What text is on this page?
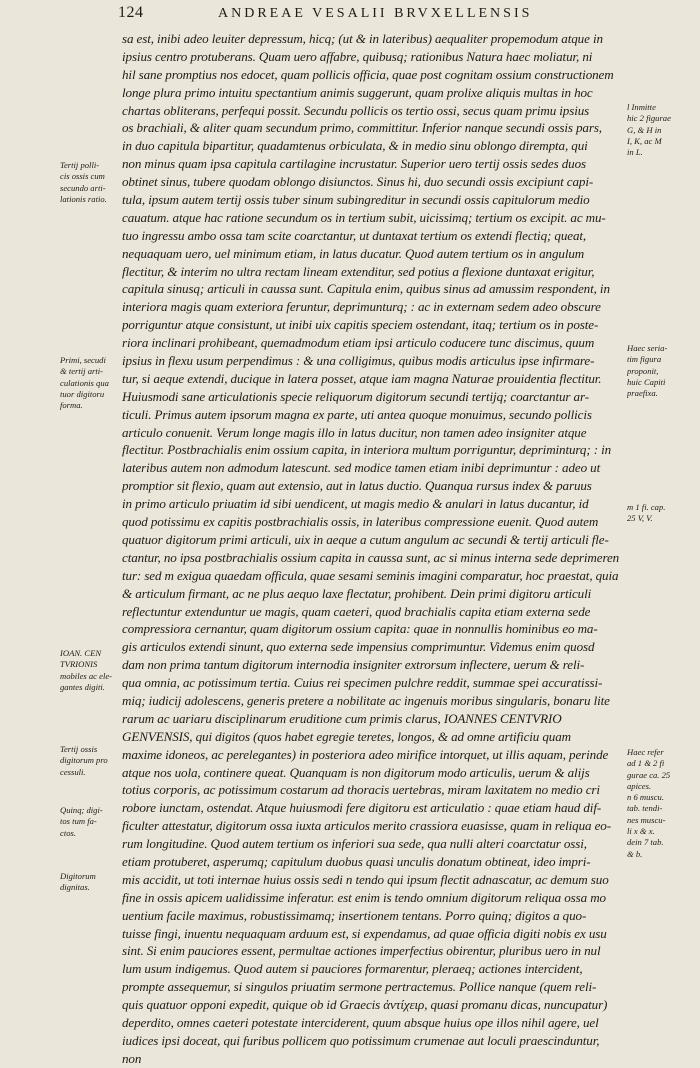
124	ANDREAE VESALII BRVXELLENSIS
sa est, inibi adeo leuiter depressum, hicq; (ut & in lateribus) aequaliter propemodum atque in
ipsius centro protuberans. Quam uero affabre, quibusq; rationibus Natura haec moliatur, ni
hil sane promptius nos edocet, quam pollicis officia, quae post cognitam ossium constructionem
longe plura primo intuitu spectantium animis suggerunt, quam prolixe aliquis multas in hoc
chartas obliterans, perfequi possit. Secundu pollicis os tertio ossi, secus quam primu ipsius
os brachiali, & aliter quam secundum primo, committitur. Inferior nanque secundi ossis pars,
in duo capitula bipartitur, quadamtenus orbiculata, & in medio sinu oblongo dirempta, qui
non minus quam ipsa capitula cartilagine incrustatur. Superior uero tertij ossis sedes duos
obtinet sinus, tubere quodam oblongo disiunctos. Sinus hi, duo secundi ossis excipiunt capi-
tula, ipsum autem tertij ossis tuber sinum subingreditur in secundi ossis capitulorum medio
cauatum. atque hac ratione secundum os in tertium subit, uicissimq; tertium os excipit. ac mu-
tuo ingressu ambo ossa tam scite coarctantur, ut duntaxat tertium os extendi flectiq; queat,
nequaquam uero, uel minimum etiam, in latus ducatur. Quod autem tertium os in angulum
flectitur, & interim no ultra rectam lineam extenditur, sed potius a flexione duntaxat erigitur,
capitula sinusq; articuli in caussa sunt. Capitula enim, quibus sinus ad amussim respondent, in
interiora magis quam exteriora feruntur, deprimunturq; : ac in externam sedem adeo obscure
porriguntur atque consistunt, ut inibi uix capitis speciem ostendant, itaq; tertium os in poste-
riora inclinari prohibeant, quemadmodum etiam ipsi articulo coducere tunc discimus, quum
ipsius in flexu usum perpendimus : & una colligimus, quibus modis articulus ipse infirmare-
tur, si aeque extendi, ducique in latera posset, atque iam magna Naturae prouidentia flectitur.
Huiusmodi sane articulationis specie reliquorum digitorum secundi tertijq; coarctantur ar-
ticuli. Primus autem ipsorum magna ex parte, uti antea quoque monuimus, secundo pollicis
articulo conuenit. Verum longe magis illo in latus ducitur, non tamen adeo insigniter atque
flectitur. Postbrachialis enim ossium capita, in interiora multum porriguntur, depriminturq; : in
lateribus autem non admodum latescunt. sed modice tamen etiam inibi deprimuntur : adeo ut
promptior sit flexio, quam aut extensio, aut in latus ductio. Quanqua rursus index & paruus
in primo articulo priuatim id sibi uendicent, ut magis medio & anulari in latus ducantur, id
quod potissimu ex capitis postbrachialis ossis, in lateribus compressione euenit. Quod autem
quatuor digitorum primi articuli, uix in aeque a cutum angulum ac secundi & tertij articuli fle-
ctantur, no ipsa postbrachialis ossium capita in caussa sunt, ac si minus interna sede deprimeren
tur: sed m exigua quaedam officula, quae sesami seminis imagini comparatur, hoc praestat, quia
& articulum firmant, ac ne plus aequo laxe flectatur, prohibent. Dein primi digitoru articuli
reflectuntur extenduntur ue magis, quam caeteri, quod brachialis capita etiam externa sede
compressiora cernantur, quam digitorum ossium capita: quae in nonnullis hominibus eo ma-
gis articulos extendi sinunt, quo externa sede impensius comprimuntur. Videmus enim quosd
dam non prima tantum digitorum internodia insigniter extrorsum inflectere, uerum & reli-
qua omnia, ac potissimum tertia. Cuius rei specimen pulchre reddit, summae spei accuratissi-
miq; iudicij adolescens, generis pretere a nobilitate ac ingenuis moribus singularis, bonaru lite
rarum ac uariaru disciplinarum eruditione cum primis clarus, IOANNES CENTVRIO
GENVENSIS, qui digitos (quos habet egregie teretes, longos, & ad omne artificiu quam
maxime idoneos, ac perelegantes) in posteriora adeo mirifice intorquet, ut illis aquam, perinde
atque nos uola, continere queat. Quanquam is non digitorum modo articulis, uerum & alijs
totius corporis, ac potissimum costarum ad thoracis uertebras, miram laxitatem no medio cri
robore iunctam, ostendat. Atque huiusmodi fere digitoru est articulatio : quae etiam haud dif-
ficulter attestatur, digitorum ossa iuxta articulos merito crassiora euasisse, quam in reliqua eo-
rum longitudine. Quod autem tertium os inferiori sua sede, qua nulli alteri coarctatur ossi,
etiam protuberet, asperumq; capitulum duobus quasi unculis donatum obtineat, ideo impri-
mis accidit, ut toti internae huius ossis sedi n tendo qui ipsum flectit adnascatur, ac demum suo
fine in ossis apicem ualidissime inferatur. est enim is tendo omnium digitorum reliqua ossa mo
uentium facile maximus, robustissimamq; insertionem tentans. Porro quinq; digitos a quo-
tuisse fingi, inuentu nequaquam arduum est, si expendamus, ad quae officia digiti nobis ex usu
sint. Si enim pauciores essent, permultae actiones imperfectius obirentur, pluribus uero in nul
lum usum indigemus. Quod autem si pauciores formarentur, pleraeq; actiones intercident,
prompte assequemur, si singulos priuatim sermone pertractemus. Pollice nanque (quem reli-
quis quatuor opponi expedit, quique ob id Graecis ἀντίχειρ, quasi promanu dicas, nuncupatur)
deperdito, omnes caeteri potestate interciderent, quum absque huius ope illos nihil agere, uel
iudices ipsi doceat, qui furibus pollicem quo potissimum crumenae aut loculi praescinduntur,
non
Tertij polli-
cis ossis cum
secundo arti-
lationis ratio.
Primi, secudi
& tertij arti-
culationis qua
tuor digitoru
forma.
IOAN. CEN
TVRIONIS
mobiles ac ele-
gantes digiti.
Tertij ossis
digitorum pro
cessuli.
Quinq; digi-
tos tum fa-
ctos.
Digitorum
dignitas.
l Inmitte
hic 2 figurae
G, & H in
I, K, ac M
in L.
Haec seria-
tim figura
proponit,
huic Capiti
praefixa.
m 1 fi. cap.
25 V, V.
Haec refer
ad 1 & 2 fi
gurae ca. 25
apices.
n 6 muscu.
tab. tendi-
nes muscu-
li x & x.
dein 7 tab.
& b.
